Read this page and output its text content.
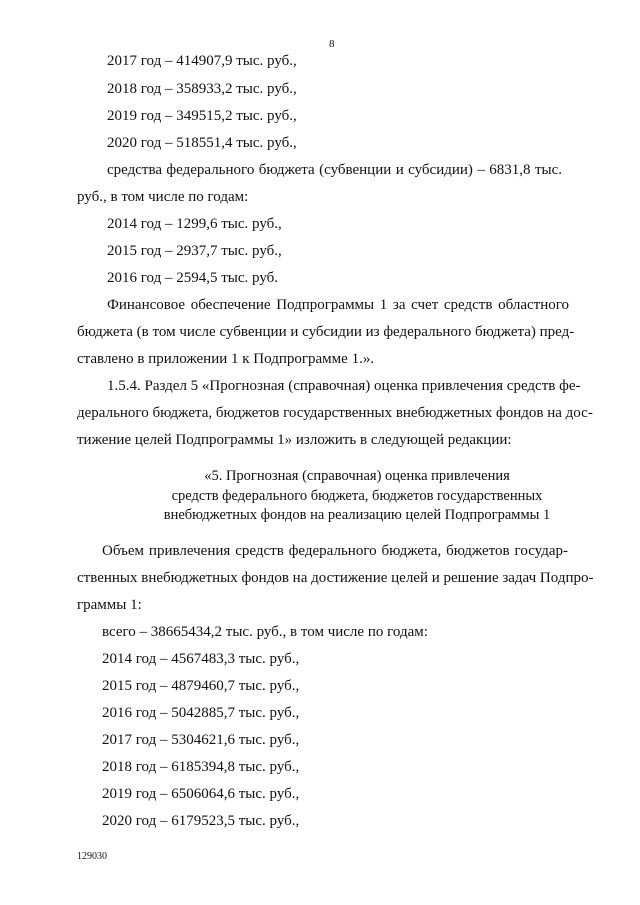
8
2017 год – 414907,9 тыс. руб.,
2018 год – 358933,2 тыс. руб.,
2019 год – 349515,2 тыс. руб.,
2020 год – 518551,4 тыс. руб.,
средства федерального бюджета (субвенции и субсидии) – 6831,8 тыс.
руб., в том числе по годам:
2014 год – 1299,6 тыс. руб.,
2015 год – 2937,7 тыс. руб.,
2016 год – 2594,5 тыс. руб.
Финансовое обеспечение Подпрограммы 1 за счет средств областного
бюджета (в том числе субвенции и субсидии из федерального бюджета) пред-
ставлено в приложении 1 к Подпрограмме 1.».
1.5.4. Раздел 5 «Прогнозная (справочная) оценка привлечения средств фе-
дерального бюджета, бюджетов государственных внебюджетных фондов на дос-
тижение целей Подпрограммы 1» изложить в следующей редакции:
«5. Прогнозная (справочная) оценка привлечения
средств федерального бюджета, бюджетов государственных
внебюджетных фондов на реализацию целей Подпрограммы 1
Объем привлечения средств федерального бюджета, бюджетов государ-
ственных внебюджетных фондов на достижение целей и решение задач Подпро-
граммы 1:
всего – 38665434,2 тыс. руб., в том числе по годам:
2014 год – 4567483,3 тыс. руб.,
2015 год – 4879460,7 тыс. руб.,
2016 год – 5042885,7 тыс. руб.,
2017 год – 5304621,6 тыс. руб.,
2018 год – 6185394,8 тыс. руб.,
2019 год – 6506064,6 тыс. руб.,
2020 год – 6179523,5 тыс. руб.,
129030
